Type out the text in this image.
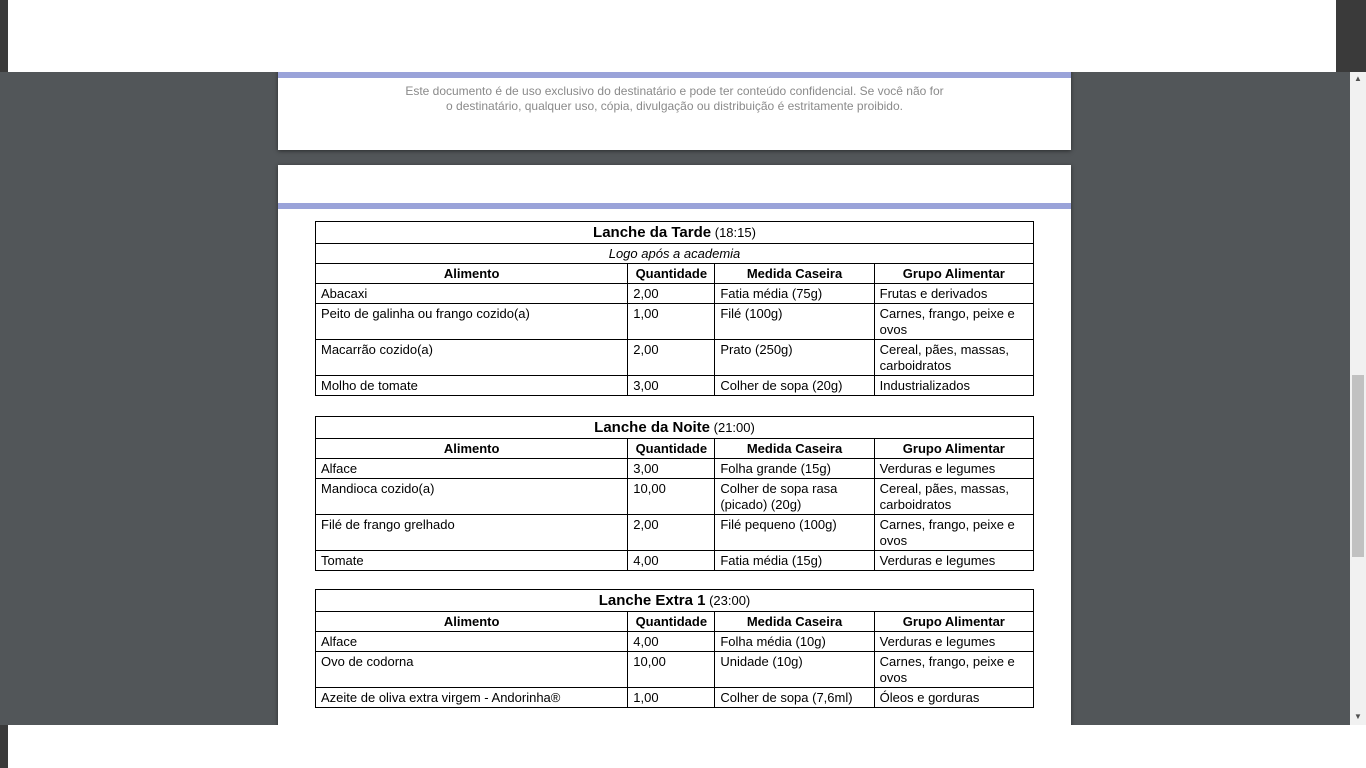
Este documento é de uso exclusivo do destinatário e pode ter conteúdo confidencial. Se você não for
o destinatário, qualquer uso, cópia, divulgação ou distribuição é estritamente proibido.
Lanche da Tarde (18:15)			
Logo após a academia			
Alimento	Quantidade	Medida Caseira	Grupo Alimentar
Abacaxi	2,00	Fatia média (75g)	Frutas e derivados
Peito de galinha ou frango cozido(a)	1,00	Filé (100g)	Carnes, frango, peixe e ovos
Macarrão cozido(a)	2,00	Prato (250g)	Cereal, pães, massas, carboidratos
Molho de tomate	3,00	Colher de sopa (20g)	Industrializados
Lanche da Noite (21:00)			
Alimento	Quantidade	Medida Caseira	Grupo Alimentar
Alface	3,00	Folha grande (15g)	Verduras e legumes
Mandioca cozido(a)	10,00	Colher de sopa rasa (picado) (20g)	Cereal, pães, massas, carboidratos
Filé de frango grelhado	2,00	Filé pequeno (100g)	Carnes, frango, peixe e ovos
Tomate	4,00	Fatia média (15g)	Verduras e legumes
Lanche Extra 1 (23:00)			
Alimento	Quantidade	Medida Caseira	Grupo Alimentar
Alface	4,00	Folha média (10g)	Verduras e legumes
Ovo de codorna	10,00	Unidade (10g)	Carnes, frango, peixe e ovos
Azeite de oliva extra virgem - Andorinha®	1,00	Colher de sopa (7,6ml)	Óleos e gorduras
▲
▼
